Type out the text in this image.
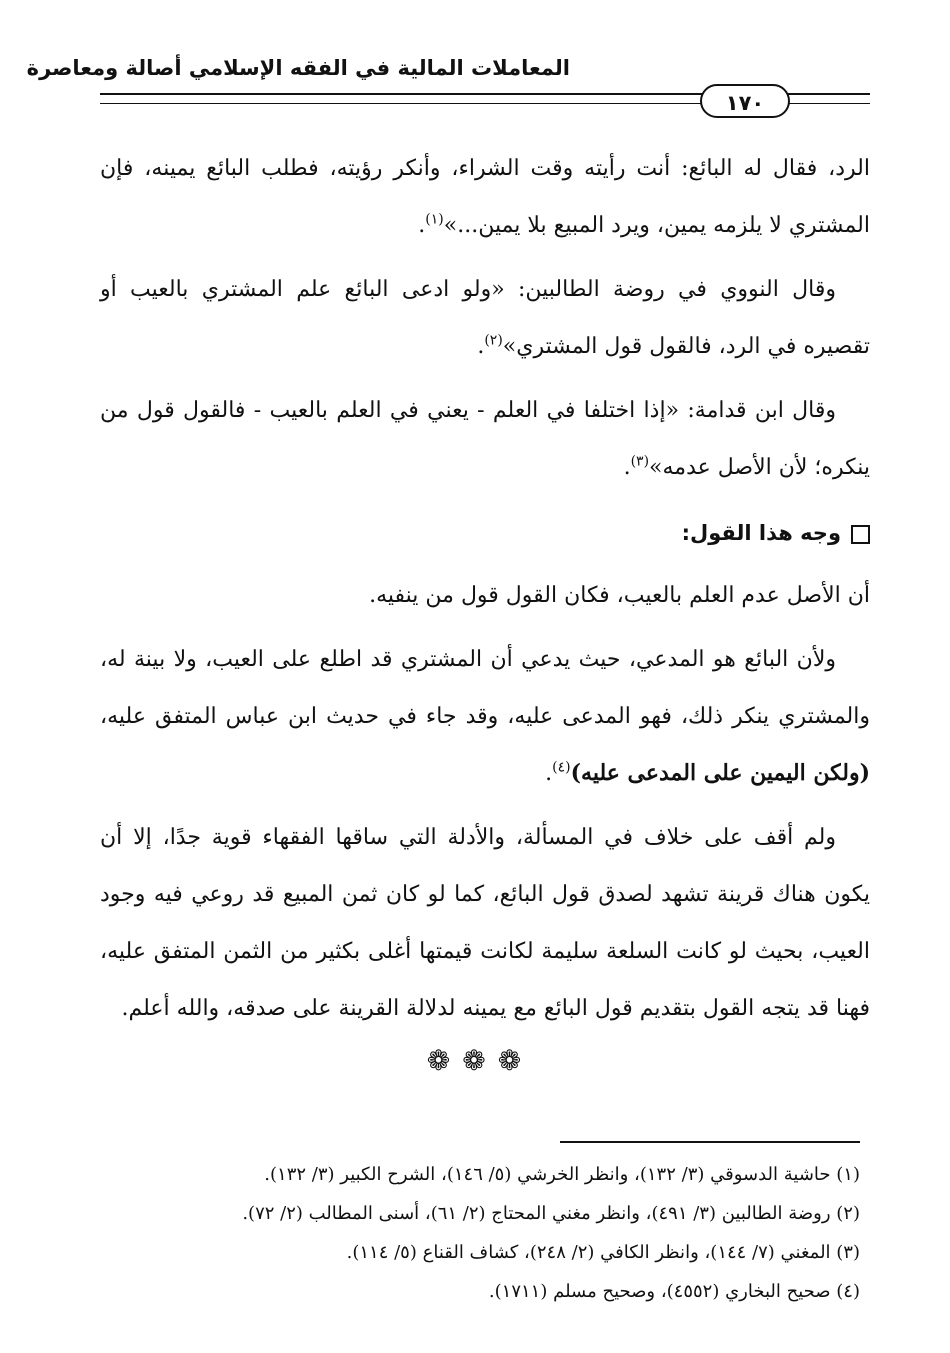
المعاملات المالية في الفقه الإسلامي أصالة ومعاصرة
١٧٠

الرد، فقال له البائع: أنت رأيته وقت الشراء، وأنكر رؤيته، فطلب البائع يمينه، فإن المشتري لا يلزمه يمين، ويرد المبيع بلا يمين...»$^{(١)}$.

وقال النووي في روضة الطالبين: «ولو ادعى البائع علم المشتري بالعيب أو تقصيره في الرد، فالقول قول المشتري»$^{(٢)}$.

وقال ابن قدامة: «إذا اختلفا في العلم - يعني في العلم بالعيب - فالقول قول من ينكره؛ لأن الأصل عدمه»$^{(٣)}$.

وجه هذا القول:

أن الأصل عدم العلم بالعيب، فكان القول قول من ينفيه.

ولأن البائع هو المدعي، حيث يدعي أن المشتري قد اطلع على العيب، ولا بينة له، والمشتري ينكر ذلك، فهو المدعى عليه، وقد جاء في حديث ابن عباس المتفق عليه، (ولكن اليمين على المدعى عليه)$^{(٤)}$.

ولم أقف على خلاف في المسألة، والأدلة التي ساقها الفقهاء قوية جدًا، إلا أن يكون هناك قرينة تشهد لصدق قول البائع، كما لو كان ثمن المبيع قد روعي فيه وجود العيب، بحيث لو كانت السلعة سليمة لكانت قيمتها أغلى بكثير من الثمن المتفق عليه، فهنا قد يتجه القول بتقديم قول البائع مع يمينه لدلالة القرينة على صدقه، والله أعلم.

❁❁❁
(١) حاشية الدسوقي (٣/ ١٣٢)، وانظر الخرشي (٥/ ١٤٦)، الشرح الكبير (٣/ ١٣٢).
(٢) روضة الطالبين (٣/ ٤٩١)، وانظر مغني المحتاج (٢/ ٦١)، أسنى المطالب (٢/ ٧٢).
(٣) المغني (٧/ ١٤٤)، وانظر الكافي (٢/ ٢٤٨)، كشاف القناع (٥/ ١١٤).
(٤) صحيح البخاري (٤٥٥٢)، وصحيح مسلم (١٧١١).
